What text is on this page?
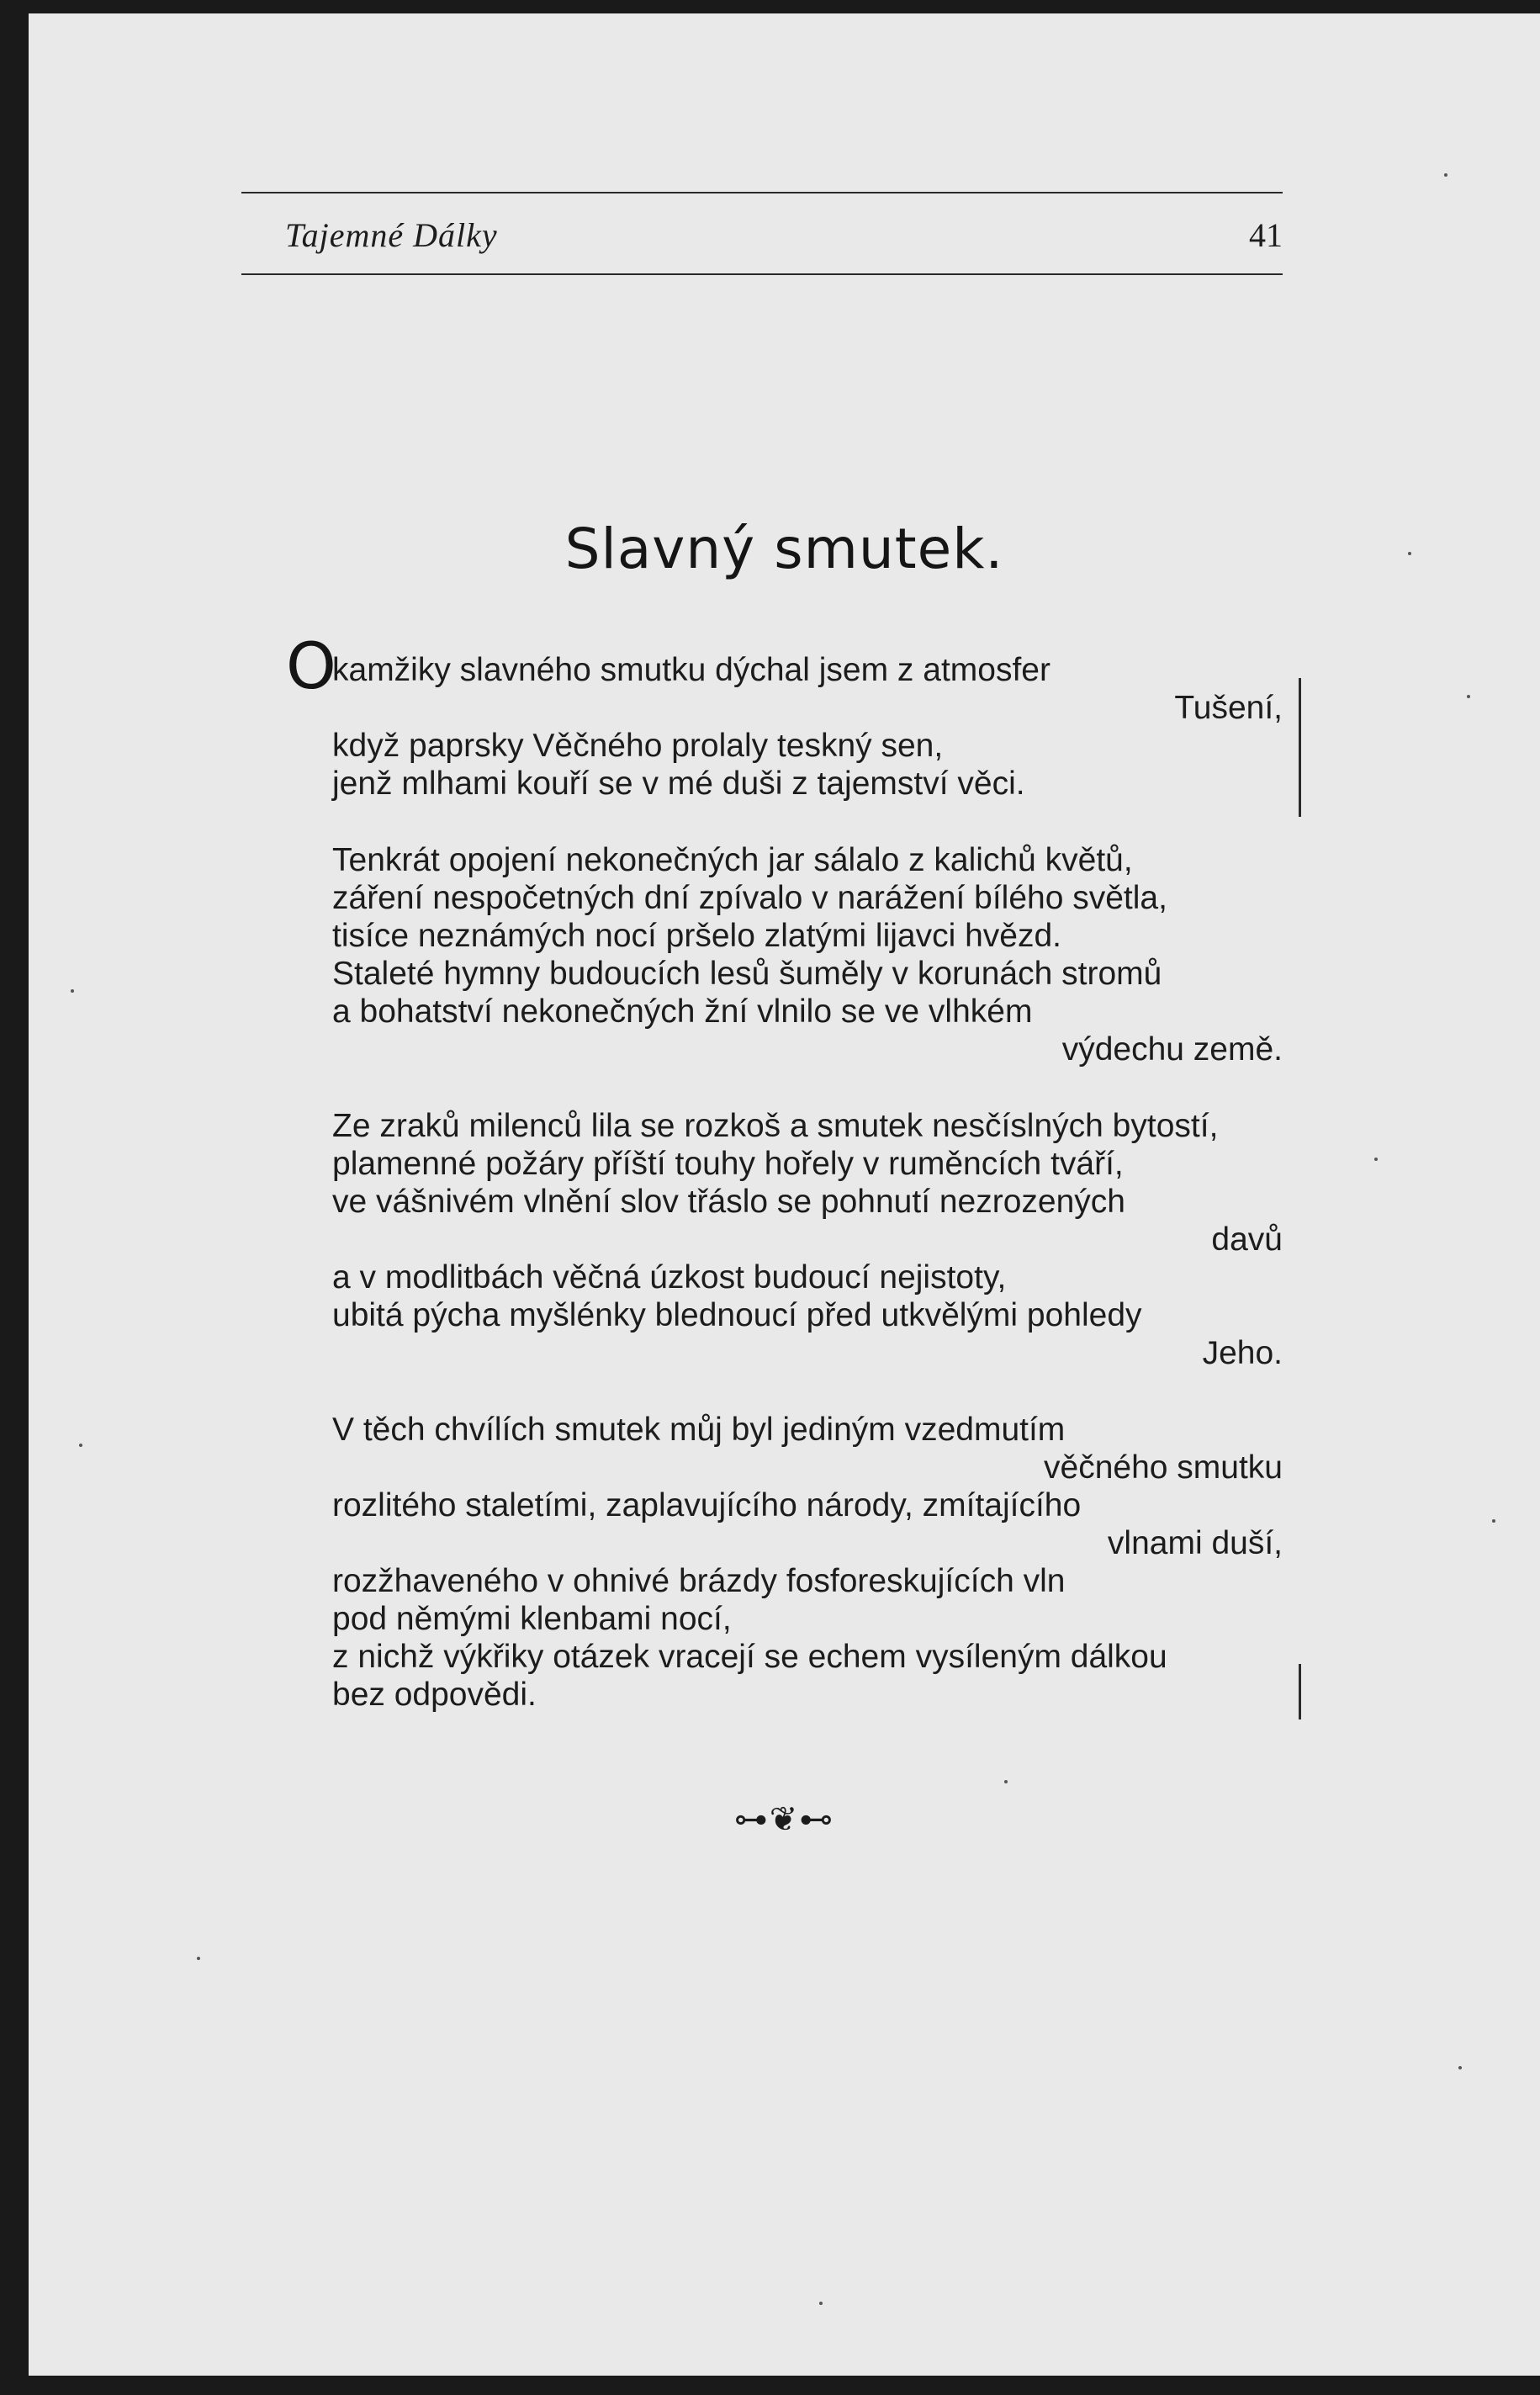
Tajemné Dálky	41
Slavný smutek.
O
kamžiky slavného smutku dýchal jsem z atmosfer
Tušení,
když paprsky Věčného prolaly teskný sen,
jenž mlhami kouří se v mé duši z tajemství věci.
Tenkrát opojení nekonečných jar sálalo z kalichů květů,
záření nespočetných dní zpívalo v narážení bílého světla,
tisíce neznámých nocí pršelo zlatými lijavci hvězd.
Staleté hymny budoucích lesů šuměly v korunách stromů
a bohatství nekonečných žní vlnilo se ve vlhkém
výdechu země.
Ze zraků milenců lila se rozkoš a smutek nesčíslných bytostí,
plamenné požáry příští touhy hořely v ruměncích tváří,
ve vášnivém vlnění slov třáslo se pohnutí nezrozených
davů
a v modlitbách věčná úzkost budoucí nejistoty,
ubitá pýcha myšlénky blednoucí před utkvělými pohledy
Jeho.
V těch chvílích smutek můj byl jediným vzedmutím
věčného smutku
rozlitého staletími, zaplavujícího národy, zmítajícího
vlnami duší,
rozžhaveného v ohnivé brázdy fosforeskujících vln
pod němými klenbami nocí,
z nichž výkřiky otázek vracejí se echem vysíleným dálkou
bez odpovědi.
⊶❦⊷
